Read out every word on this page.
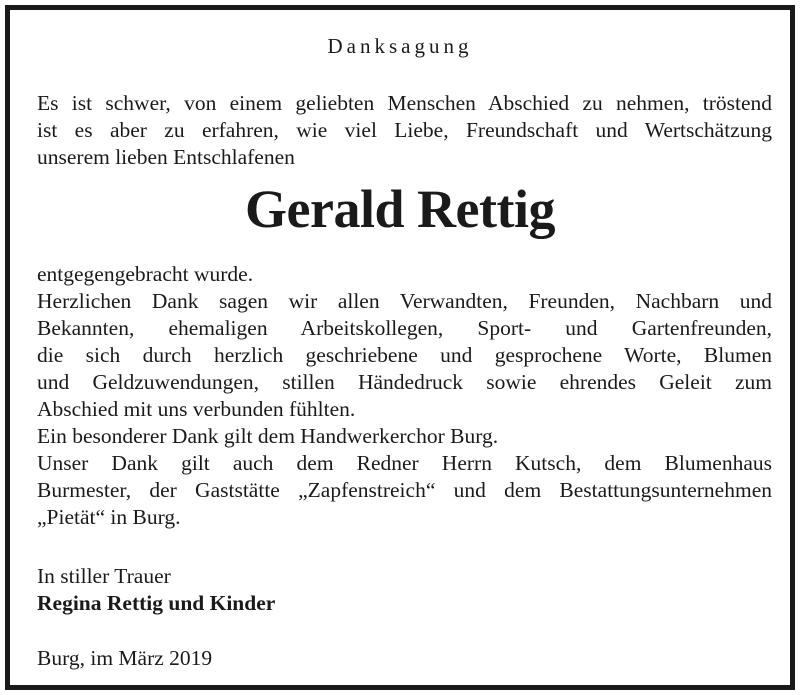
Danksagung
Es ist schwer, von einem geliebten Menschen Abschied zu nehmen, tröstend
ist es aber zu erfahren, wie viel Liebe, Freundschaft und Wertschätzung
unserem lieben Entschlafenen
Gerald Rettig
entgegengebracht wurde.
Herzlichen Dank sagen wir allen Verwandten, Freunden, Nachbarn und
Bekannten, ehemaligen Arbeitskollegen, Sport- und Gartenfreunden,
die sich durch herzlich geschriebene und gesprochene Worte, Blumen
und Geldzuwendungen, stillen Händedruck sowie ehrendes Geleit zum
Abschied mit uns verbunden fühlten.
Ein besonderer Dank gilt dem Handwerkerchor Burg.
Unser Dank gilt auch dem Redner Herrn Kutsch, dem Blumenhaus
Burmester, der Gaststätte „Zapfenstreich“ und dem Bestattungsunternehmen
„Pietät“ in Burg.
In stiller Trauer
Regina Rettig und Kinder
Burg, im März 2019
